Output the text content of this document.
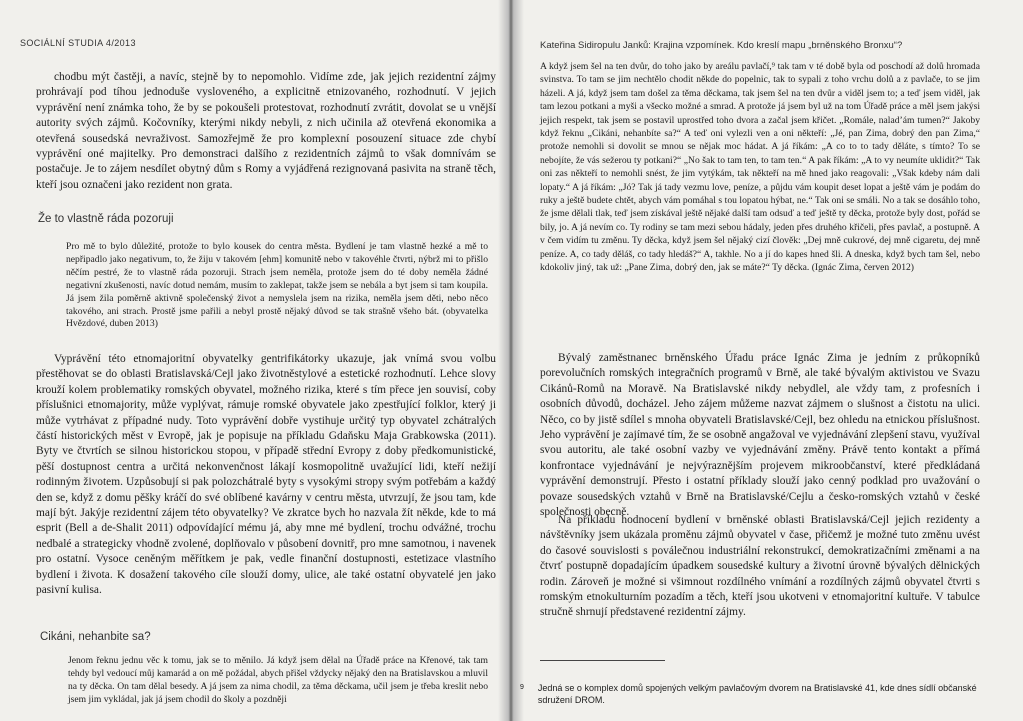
SOCIÁLNÍ STUDIA 4/2013	Kateřina Sidiropulu Janků: Krajina vzpomínek. Kdo kreslí mapu „brněnského Bronxu“?

chodbu mýt častěji, a navíc, stejně by to nepomohlo. Vidíme zde, jak jejich rezidentní zájmy prohrávají pod tíhou jednoduše vysloveného, a explicitně etnizovaného, rozhodnutí. V jejich vyprávění není známka toho, že by se pokoušeli protestovat, rozhodnutí zvrátit, dovolat se u vnější autority svých zájmů. Kočovníky, kterými nikdy nebyli, z nich učinila až otevřená ekonomika a otevřená sousedská nevraživost. Samozřejmě že pro komplexní posouzení situace zde chybí vyprávění oné majitelky. Pro demonstraci dalšího z rezidentních zájmů to však domnívám se postačuje. Je to zájem nesdílet obytný dům s Romy a vyjádřená rezignovaná pasivita na straně těch, kteří jsou označeni jako rezident non grata.

Že to vlastně ráda pozoruji

Pro mě to bylo důležité, protože to bylo kousek do centra města. Bydlení je tam vlastně hezké a mě to nepřipadlo jako negativum, to, že žiju v takovém [ehm] komunitě nebo v takovéhle čtvrti, nýbrž mi to přišlo něčím pestré, že to vlastně ráda pozoruji. Strach jsem neměla, protože jsem do té doby neměla žádné negativní zkušenosti, navíc dotud nemám, musím to zaklepat, takže jsem se nebála a byt jsem si tam koupila. Já jsem žila poměrně aktivně společenský život a nemyslela jsem na rizika, neměla jsem děti, nebo něco takového, ani strach. Prostě jsme pařili a nebyl prostě nějaký důvod se tak strašně všeho bát. (obyvatelka Hvězdové, duben 2013)

Vyprávění této etnomajoritní obyvatelky gentrifikátorky ukazuje, jak vnímá svou volbu přestěhovat se do oblasti Bratislavská/Cejl jako životněstylové a estetické rozhodnutí. Lehce slovy krouží kolem problematiky romských obyvatel, možného rizika, které s tím přece jen souvisí, coby příslušnici etnomajority, může vyplývat, rámuje romské obyvatele jako zpestřující folklor, který ji může vytrhávat z případné nudy. Toto vyprávění dobře vystihuje určitý typ obyvatel zchátralých částí historických měst v Evropě, jak je popisuje na příkladu Gdaňsku Maja Grabkowska (2011). Byty ve čtvrtích se silnou historickou stopou, v případě střední Evropy z doby předkomunistické, pěší dostupnost centra a určitá nekonvenčnost lákají kosmopolitně uvažující lidi, kteří nežijí rodinným životem. Uzpůsobují si pak polozchátralé byty s vysokými stropy svým potřebám a každý den se, když z domu pěšky kráčí do své oblíbené kavárny v centru města, utvrzují, že jsou tam, kde mají být. Jakýje rezidentní zájem této obyvatelky? Ve zkratce bych ho nazvala žít někde, kde to má esprit (Bell a de-Shalit 2011) odpovídající mému já, aby mne mé bydlení, trochu odvážné, trochu nedbalé a strategicky vhodně zvolené, doplňovalo v působení dovnitř, pro mne samotnou, i navenek pro ostatní. Vysoce ceněným měřítkem je pak, vedle finanční dostupnosti, estetizace vlastního bydlení i života. K dosažení takového cíle slouží domy, ulice, ale také ostatní obyvatelé jen jako pasivní kulisa.

Cikáni, nehanbite sa?

Jenom řeknu jednu věc k tomu, jak se to měnilo. Já když jsem dělal na Úřadě práce na Křenové, tak tam tehdy byl vedoucí můj kamarád a on mě požádal, abych přišel vždycky nějaký den na Bratislavskou a mluvil na ty děcka. On tam dělal besedy. A já jsem za nima chodil, za těma děckama, učil jsem je třeba kreslit nebo jsem jim vykládal, jak já jsem chodil do školy a pozdněji

A když jsem šel na ten dvůr, do toho jako by areálu pavlačí,⁹ tak tam v té době byla od poschodí až dolů hromada svinstva. To tam se jim nechtělo chodit někde do popelnic, tak to sypali z toho vrchu dolů a z pavlače, to se jim házeli. A já, když jsem tam došel za těma děckama, tak jsem šel na ten dvůr a viděl jsem to; a teď jsem viděl, jak tam lezou potkani a myši a všecko možné a smrad. A protože já jsem byl už na tom Úřadě práce a měl jsem jakýsi jejich respekt, tak jsem se postavil uprostřed toho dvora a začal jsem křičet. „Romále, naladʼám tumen?“ Jakoby když řeknu „Cikáni, nehanbíte sa?“ A teď oni vylezli ven a oni někteří: „Jé, pan Zima, dobrý den pan Zima,“ protože nemohli si dovolit se mnou se nějak moc hádat. A já říkám: „A co to to tady děláte, s tímto? To se nebojíte, že vás sežerou ty potkani?“ „No šak to tam ten, to tam ten.“ A pak říkám: „A to vy neumíte uklidit?“ Tak oni zas někteří to nemohli snést, že jim vytýkám, tak někteří na mě hned jako reagovali: „Však kdeby nám dali lopaty.“ A já říkám: „Jó? Tak já tady vezmu love, peníze, a půjdu vám koupit deset lopat a ještě vám je podám do ruky a ještě budete chtět, abych vám pomáhal s tou lopatou hýbat, ne.“ Tak oni se smáli. No a tak se dosáhlo toho, že jsme dělali tlak, teď jsem získával ještě nějaké další tam odsuď a teď ještě ty děcka, protože byly dost, pořád se bily, jo. A já nevím co. Ty rodiny se tam mezi sebou hádaly, jeden přes druhého křičeli, přes pavlač, a postupně. A v čem vidím tu změnu. Ty děcka, když jsem šel nějaký cizí člověk: „Dej mně cukrové, dej mně cigaretu, dej mně peníze. A, co tady děláš, co tady hledáš?“ A, takhle. No a jí do kapes hned šli. A dneska, když bych tam šel, nebo kdokoliv jiný, tak už: „Pane Zima, dobrý den, jak se máte?“ Ty děcka. (Ignác Zima, červen 2012)

Bývalý zaměstnanec brněnského Úřadu práce Ignác Zima je jedním z průkopníků porevolučních romských integračních programů v Brně, ale také bývalým aktivistou ve Svazu Cikánů-Romů na Moravě. Na Bratislavské nikdy nebydlel, ale vždy tam, z profesních i osobních důvodů, docházel. Jeho zájem můžeme nazvat zájmem o slušnost a čistotu na ulici. Něco, co by jistě sdílel s mnoha obyvateli Bratislavské/Cejl, bez ohledu na etnickou příslušnost. Jeho vyprávění je zajímavé tím, že se osobně angažoval ve vyjednávání zlepšení stavu, využíval svou autoritu, ale také osobní vazby ve vyjednávání změny. Právě tento kontakt a přímá konfrontace vyjednávání je nejvýraznějším projevem mikroobčanství, které předkládaná vyprávění demonstrují. Přesto i ostatní příklady slouží jako cenný podklad pro uvažování o povaze sousedských vztahů v Brně na Bratislavské/Cejlu a česko-romských vztahů v české společnosti obecně.

Na příkladu hodnocení bydlení v brněnské oblasti Bratislavská/Cejl jejich rezidenty a návštěvníky jsem ukázala proměnu zájmů obyvatel v čase, přičemž je možné tuto změnu uvést do časové souvislosti s poválečnou industriální rekonstrukcí, demokratizačními změnami a na čtvrť postupně dopadajícím úpadkem sousedské kultury a životní úrovně bývalých dělnických rodin. Zároveň je možné si všimnout rozdílného vnímání a rozdílných zájmů obyvatel čtvrti s romským etnokulturním pozadím a těch, kteří jsou ukotveni v etnomajoritní kultuře. V tabulce stručně shrnují představené rezidentní zájmy.

9 Jedná se o komplex domů spojených velkým pavlačovým dvorem na Bratislavské 41, kde dnes sídlí občanské sdružení DROM.
